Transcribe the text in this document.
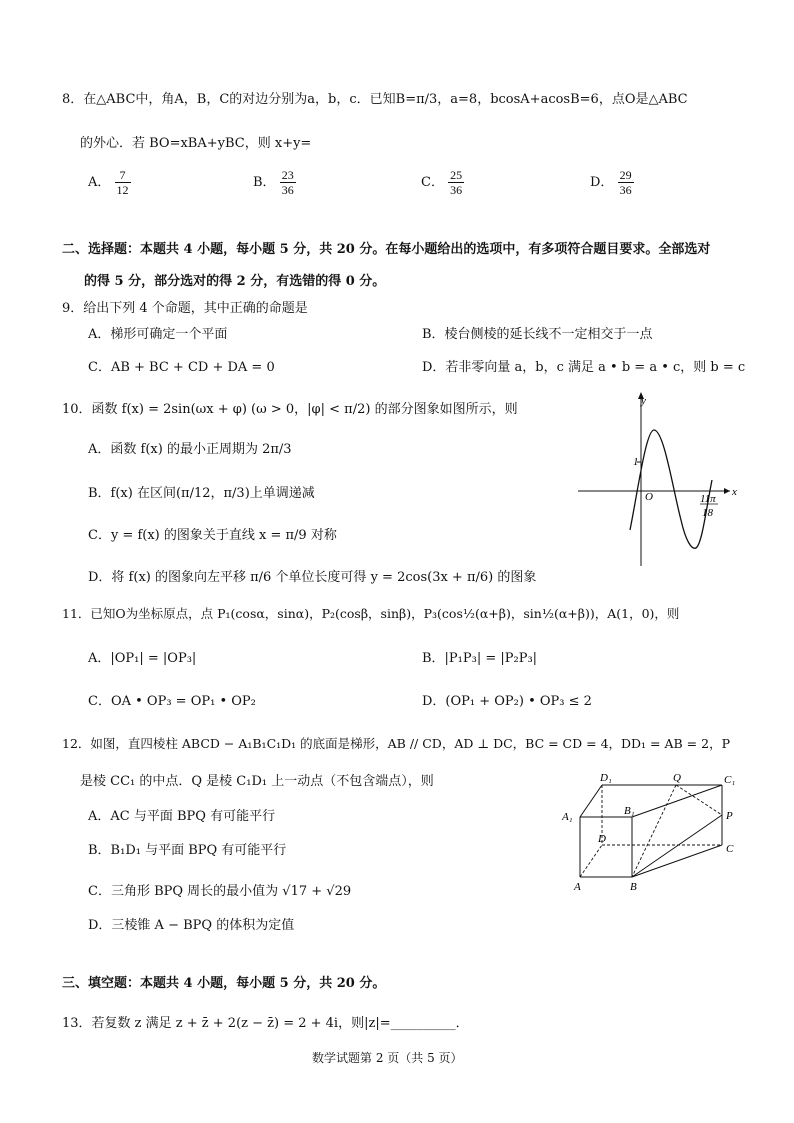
8．在△ABC中，角A，B，C的对边分别为a，b，c．已知B=π/3，a=8，bcosA+acosB=6，点O是△ABC
的外心．若 BO=xBA+yBC，则 x+y=
A． $\frac{7}{12}$	B． $\frac{23}{36}$	C． $\frac{25}{36}$	D． $\frac{29}{36}$
二、选择题：本题共 4 小题，每小题 5 分，共 20 分。在每小题给出的选项中，有多项符合题目要求。全部选对
的得 5 分，部分选对的得 2 分，有选错的得 0 分。
9．给出下列 4 个命题，其中正确的命题是
A．梯形可确定一个平面	B．棱台侧棱的延长线不一定相交于一点
C．AB + BC + CD + DA = 0	D．若非零向量 a，b，c 满足 a • b = a • c，则 b = c
10．函数 f(x) = 2sin(ωx + φ) (ω > 0，|φ| < π/2) 的部分图象如图所示，则
A．函数 f(x) 的最小正周期为 2π/3
B．f(x) 在区间(π/12，π/3)上单调递减
C．y = f(x) 的图象关于直线 x = π/9 对称
D．将 f(x) 的图象向左平移 π/6 个单位长度可得 y = 2cos(3x + π/6) 的图象
y
x
O
1
11π
18
11．已知O为坐标原点，点 P₁(cosα，sinα)，P₂(cosβ，sinβ)，P₃(cos½(α+β)，sin½(α+β))，A(1，0)，则
A．|OP₁| = |OP₃|	B．|P₁P₃| = |P₂P₃|
C．OA • OP₃ = OP₁ • OP₂	D．(OP₁ + OP₂) • OP₃ ≤ 2
12．如图，直四棱柱 ABCD − A₁B₁C₁D₁ 的底面是梯形，AB // CD，AD ⊥ DC，BC = CD = 4，DD₁ = AB = 2，P
是棱 CC₁ 的中点．Q 是棱 C₁D₁ 上一动点（不包含端点），则
A．AC 与平面 BPQ 有可能平行
B．B₁D₁ 与平面 BPQ 有可能平行
C．三角形 BPQ 周长的最小值为 √17 + √29
D．三棱锥 A − BPQ 的体积为定值
D₁	Q	C₁
A₁	B₁	P
D
C
A	B
三、填空题：本题共 4 小题，每小题 5 分，共 20 分。
13．若复数 z 满足 z + z̄ + 2(z − z̄) = 2 + 4i，则|z|=__________．
数学试题第 2 页（共 5 页）
